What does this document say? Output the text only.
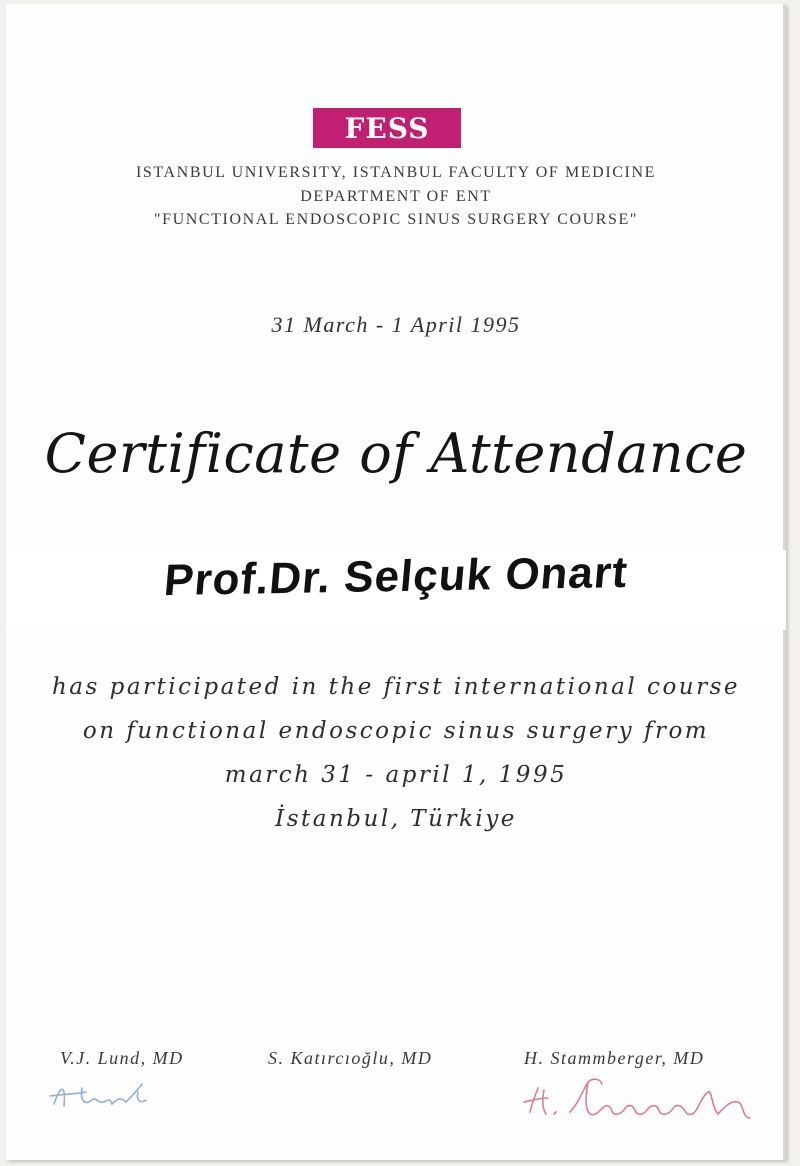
FESS
ISTANBUL UNIVERSITY, ISTANBUL FACULTY OF MEDICINE
DEPARTMENT OF ENT
"FUNCTIONAL ENDOSCOPIC SINUS SURGERY COURSE"
31 March - 1 April 1995
Certificate of Attendance
Prof.Dr. Selçuk Onart
has participated in the first international course
on functional endoscopic sinus surgery from
march 31 - april 1, 1995
İstanbul, Türkiye
V.J. Lund, MD	S. Katırcıoğlu, MD	H. Stammberger, MD
